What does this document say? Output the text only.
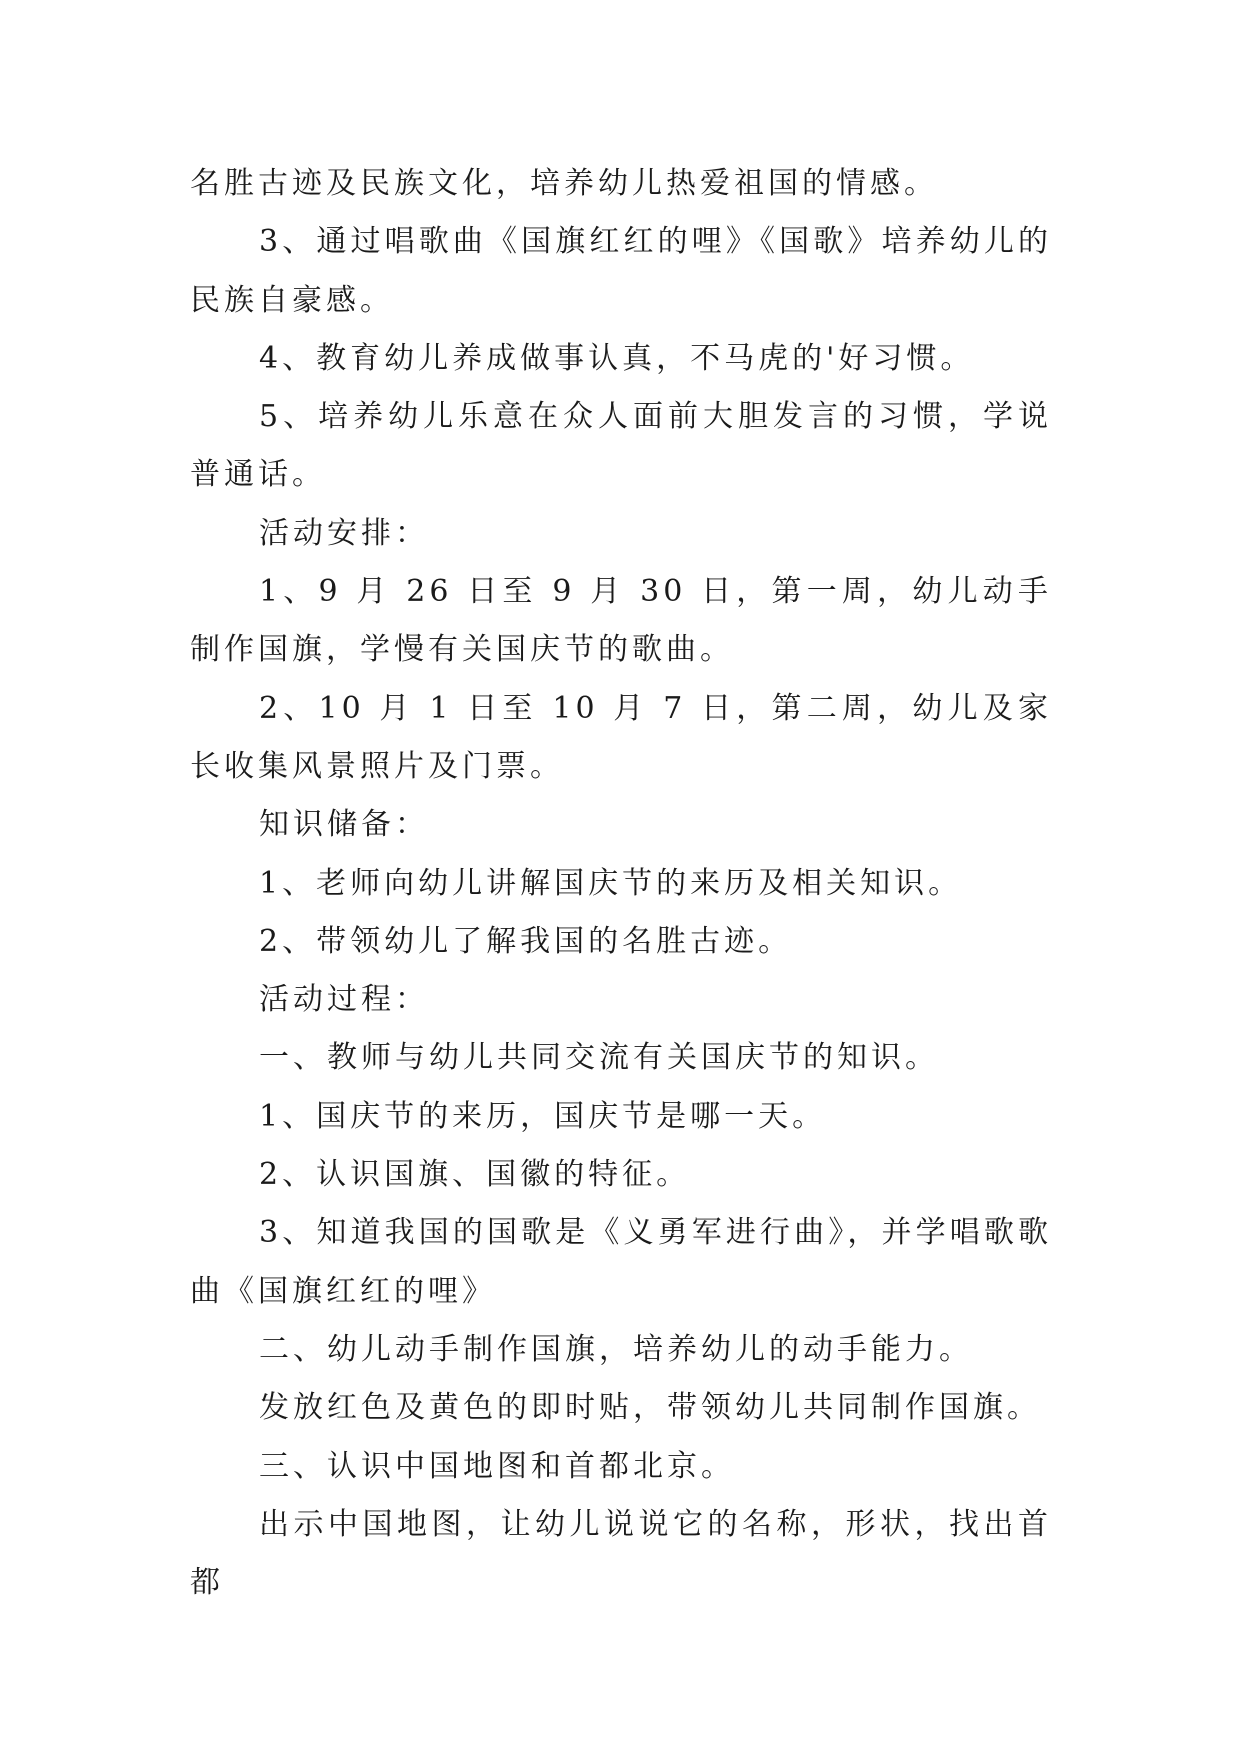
名胜古迹及民族文化，培养幼儿热爱祖国的情感。

3、通过唱歌曲《国旗红红的哩》《国歌》培养幼儿的民族自豪感。

4、教育幼儿养成做事认真，不马虎的'好习惯。

5、培养幼儿乐意在众人面前大胆发言的习惯，学说普通话。

活动安排：

1、9 月 26 日至 9 月 30 日，第一周，幼儿动手制作国旗，学慢有关国庆节的歌曲。

2、10 月 1 日至 10 月 7 日，第二周，幼儿及家长收集风景照片及门票。

知识储备：

1、老师向幼儿讲解国庆节的来历及相关知识。

2、带领幼儿了解我国的名胜古迹。

活动过程：

一、教师与幼儿共同交流有关国庆节的知识。

1、国庆节的来历，国庆节是哪一天。

2、认识国旗、国徽的特征。

3、知道我国的国歌是《义勇军进行曲》，并学唱歌歌曲《国旗红红的哩》

二、幼儿动手制作国旗，培养幼儿的动手能力。

发放红色及黄色的即时贴，带领幼儿共同制作国旗。

三、认识中国地图和首都北京。

出示中国地图，让幼儿说说它的名称，形状，找出首都
